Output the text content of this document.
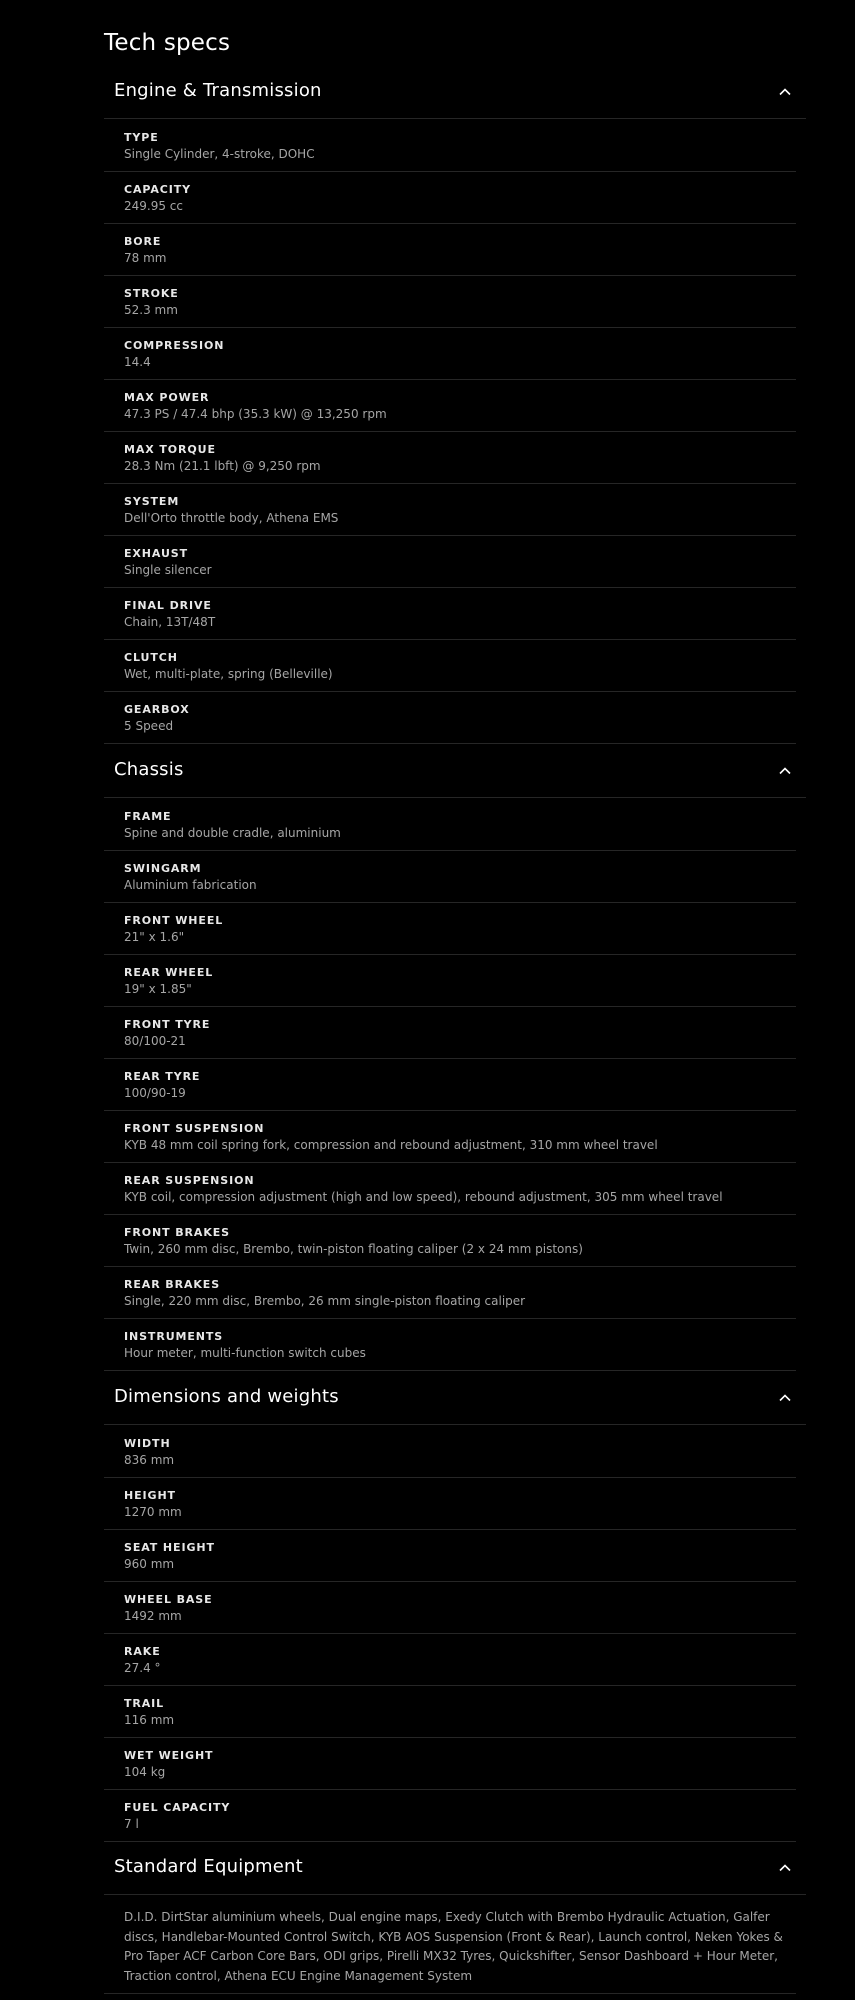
Tech specs
Engine & Transmission
TYPE
Single Cylinder, 4-stroke, DOHC
CAPACITY
249.95 cc
BORE
78 mm
STROKE
52.3 mm
COMPRESSION
14.4
MAX POWER
47.3 PS / 47.4 bhp (35.3 kW) @ 13,250 rpm
MAX TORQUE
28.3 Nm (21.1 lbft) @ 9,250 rpm
SYSTEM
Dell'Orto throttle body, Athena EMS
EXHAUST
Single silencer
FINAL DRIVE
Chain, 13T/48T
CLUTCH
Wet, multi-plate, spring (Belleville)
GEARBOX
5 Speed
Chassis
FRAME
Spine and double cradle, aluminium
SWINGARM
Aluminium fabrication
FRONT WHEEL
21" x 1.6"
REAR WHEEL
19" x 1.85"
FRONT TYRE
80/100-21
REAR TYRE
100/90-19
FRONT SUSPENSION
KYB 48 mm coil spring fork, compression and rebound adjustment, 310 mm wheel travel
REAR SUSPENSION
KYB coil, compression adjustment (high and low speed), rebound adjustment, 305 mm wheel travel
FRONT BRAKES
Twin, 260 mm disc, Brembo, twin-piston floating caliper (2 x 24 mm pistons)
REAR BRAKES
Single, 220 mm disc, Brembo, 26 mm single-piston floating caliper
INSTRUMENTS
Hour meter, multi-function switch cubes
Dimensions and weights
WIDTH
836 mm
HEIGHT
1270 mm
SEAT HEIGHT
960 mm
WHEEL BASE
1492 mm
RAKE
27.4 °
TRAIL
116 mm
WET WEIGHT
104 kg
FUEL CAPACITY
7 l
Standard Equipment
D.I.D. DirtStar aluminium wheels, Dual engine maps, Exedy Clutch with Brembo Hydraulic Actuation, Galfer discs, Handlebar-Mounted Control Switch, KYB AOS Suspension (Front & Rear), Launch control, Neken Yokes & Pro Taper ACF Carbon Core Bars, ODI grips, Pirelli MX32 Tyres, Quickshifter, Sensor Dashboard + Hour Meter, Traction control, Athena ECU Engine Management System
